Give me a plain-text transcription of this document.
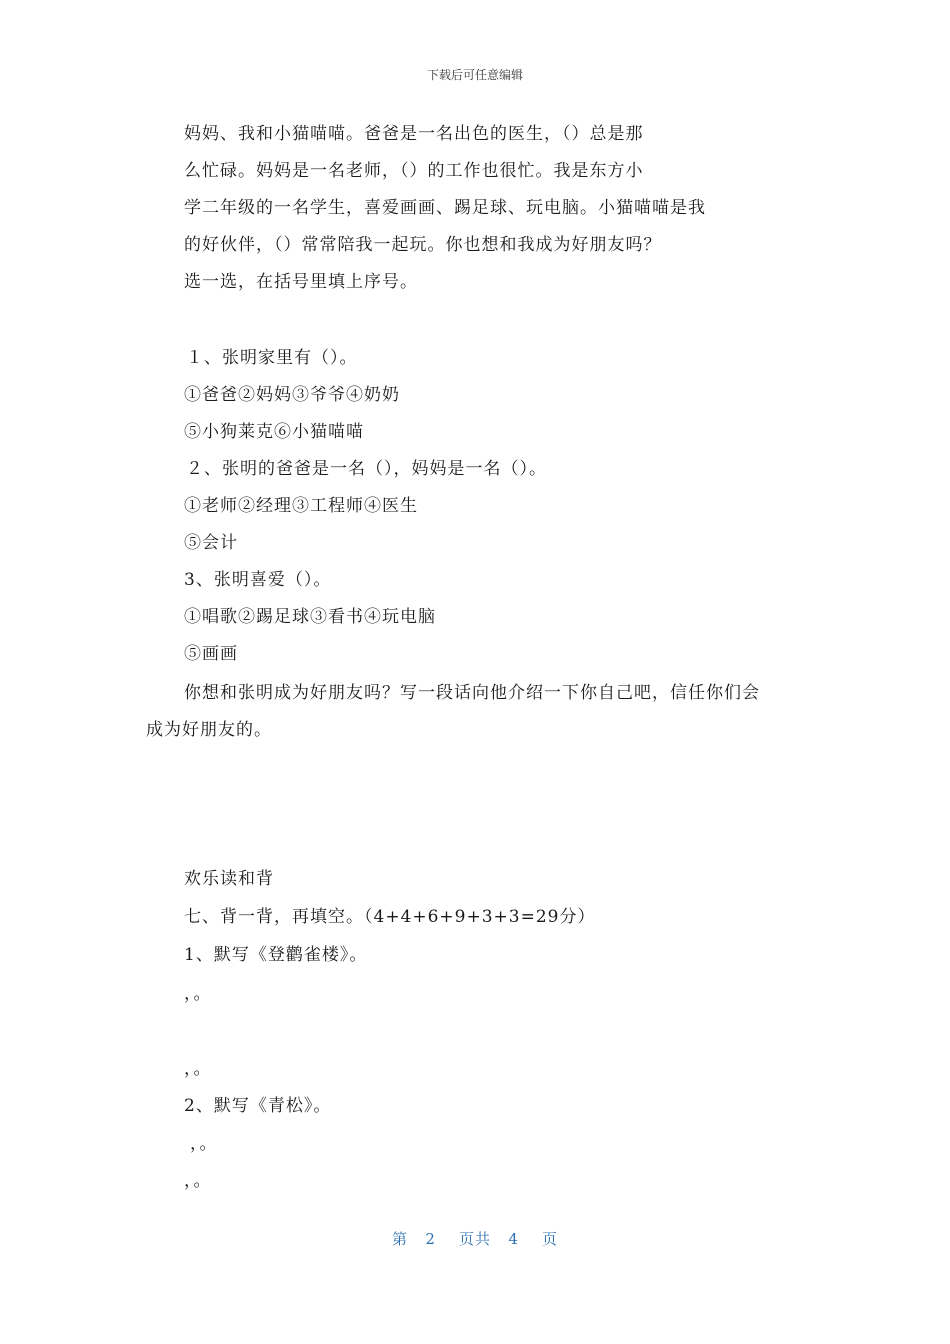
下载后可任意编辑
妈妈、我和小猫喵喵。爸爸是一名出色的医生，（）总是那
么忙碌。妈妈是一名老师，（）的工作也很忙。我是东方小
学二年级的一名学生，喜爱画画、踢足球、玩电脑。小猫喵喵是我
的好伙伴，（）常常陪我一起玩。你也想和我成为好朋友吗？
选一选，在括号里填上序号。
１、张明家里有（）。
①爸爸②妈妈③爷爷④奶奶
⑤小狗莱克⑥小猫喵喵
２、张明的爸爸是一名（），妈妈是一名（）。
①老师②经理③工程师④医生
⑤会计
3、张明喜爱（）。
①唱歌②踢足球③看书④玩电脑
⑤画画
你想和张明成为好朋友吗？写一段话向他介绍一下你自己吧，信任你们会
成为好朋友的。
欢乐读和背
七、背一背，再填空。（4+4+6+9+3+3=29分）
1、默写《登鹳雀楼》。
，。
，。
2、默写《青松》。
，。
，。
第 2 页共 4 页
